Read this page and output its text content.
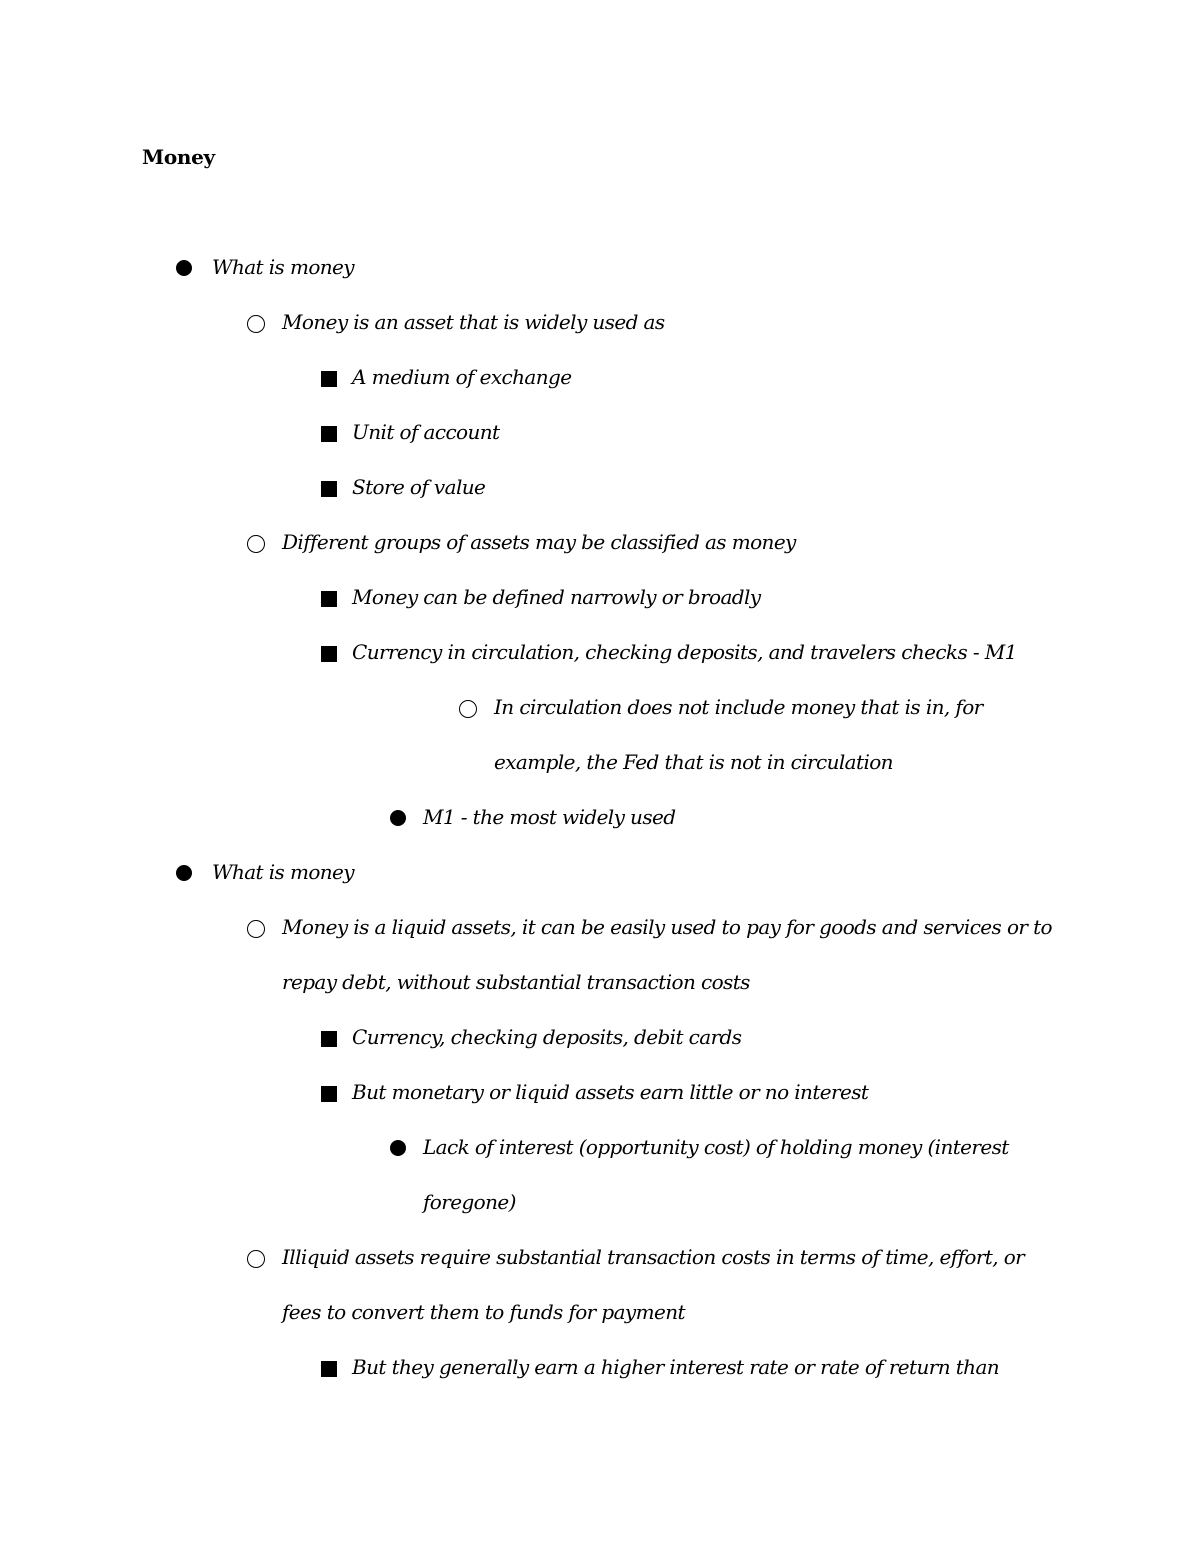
Money
What is money
Money is an asset that is widely used as
A medium of exchange
Unit of account
Store of value
Different groups of assets may be classified as money
Money can be defined narrowly or broadly
Currency in circulation, checking deposits, and travelers checks - M1
In circulation does not include money that is in, for
example, the Fed that is not in circulation
M1 - the most widely used
What is money
Money is a liquid assets, it can be easily used to pay for goods and services or to
repay debt, without substantial transaction costs
Currency, checking deposits, debit cards
But monetary or liquid assets earn little or no interest
Lack of interest (opportunity cost) of holding money (interest
foregone)
Illiquid assets require substantial transaction costs in terms of time, effort, or
fees to convert them to funds for payment
But they generally earn a higher interest rate or rate of return than
